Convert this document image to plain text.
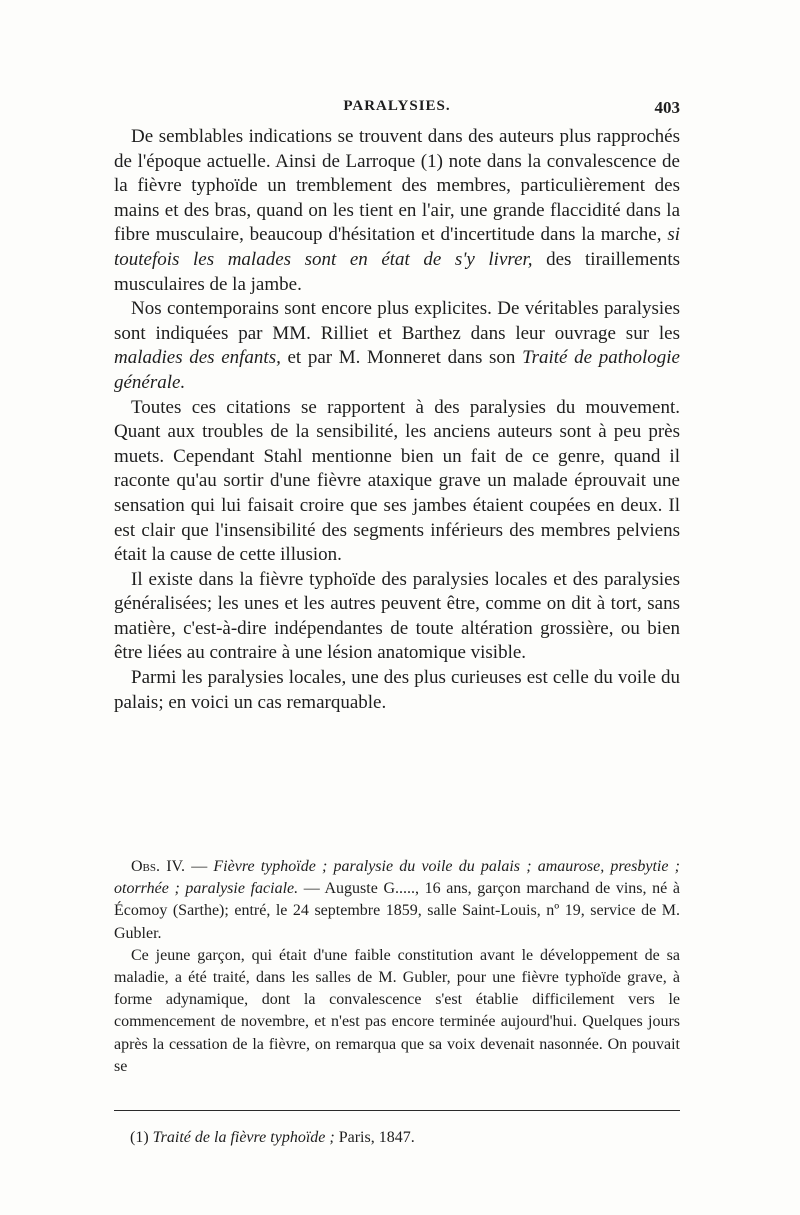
PARALYSIES.	403

De semblables indications se trouvent dans des auteurs plus rapprochés de l'époque actuelle. Ainsi de Larroque (1) note dans la convalescence de la fièvre typhoïde un tremblement des membres, particulièrement des mains et des bras, quand on les tient en l'air, une grande flaccidité dans la fibre musculaire, beaucoup d'hésitation et d'incertitude dans la marche, si toutefois les malades sont en état de s'y livrer, des tiraillements musculaires de la jambe.

Nos contemporains sont encore plus explicites. De véritables paralysies sont indiquées par MM. Rilliet et Barthez dans leur ouvrage sur les maladies des enfants, et par M. Monneret dans son Traité de pathologie générale.

Toutes ces citations se rapportent à des paralysies du mouvement. Quant aux troubles de la sensibilité, les anciens auteurs sont à peu près muets. Cependant Stahl mentionne bien un fait de ce genre, quand il raconte qu'au sortir d'une fièvre ataxique grave un malade éprouvait une sensation qui lui faisait croire que ses jambes étaient coupées en deux. Il est clair que l'insensibilité des segments inférieurs des membres pelviens était la cause de cette illusion.

Il existe dans la fièvre typhoïde des paralysies locales et des paralysies généralisées; les unes et les autres peuvent être, comme on dit à tort, sans matière, c'est-à-dire indépendantes de toute altération grossière, ou bien être liées au contraire à une lésion anatomique visible.

Parmi les paralysies locales, une des plus curieuses est celle du voile du palais; en voici un cas remarquable.

Obs. IV. — Fièvre typhoïde ; paralysie du voile du palais ; amaurose, presbytie ; otorrhée ; paralysie faciale. — Auguste G....., 16 ans, garçon marchand de vins, né à Écomoy (Sarthe); entré, le 24 septembre 1859, salle Saint-Louis, nº 19, service de M. Gubler.

Ce jeune garçon, qui était d'une faible constitution avant le développement de sa maladie, a été traité, dans les salles de M. Gubler, pour une fièvre typhoïde grave, à forme adynamique, dont la convalescence s'est établie difficilement vers le commencement de novembre, et n'est pas encore terminée aujourd'hui. Quelques jours après la cessation de la fièvre, on remarqua que sa voix devenait nasonnée. On pouvait se

(1) Traité de la fièvre typhoïde ; Paris, 1847.
